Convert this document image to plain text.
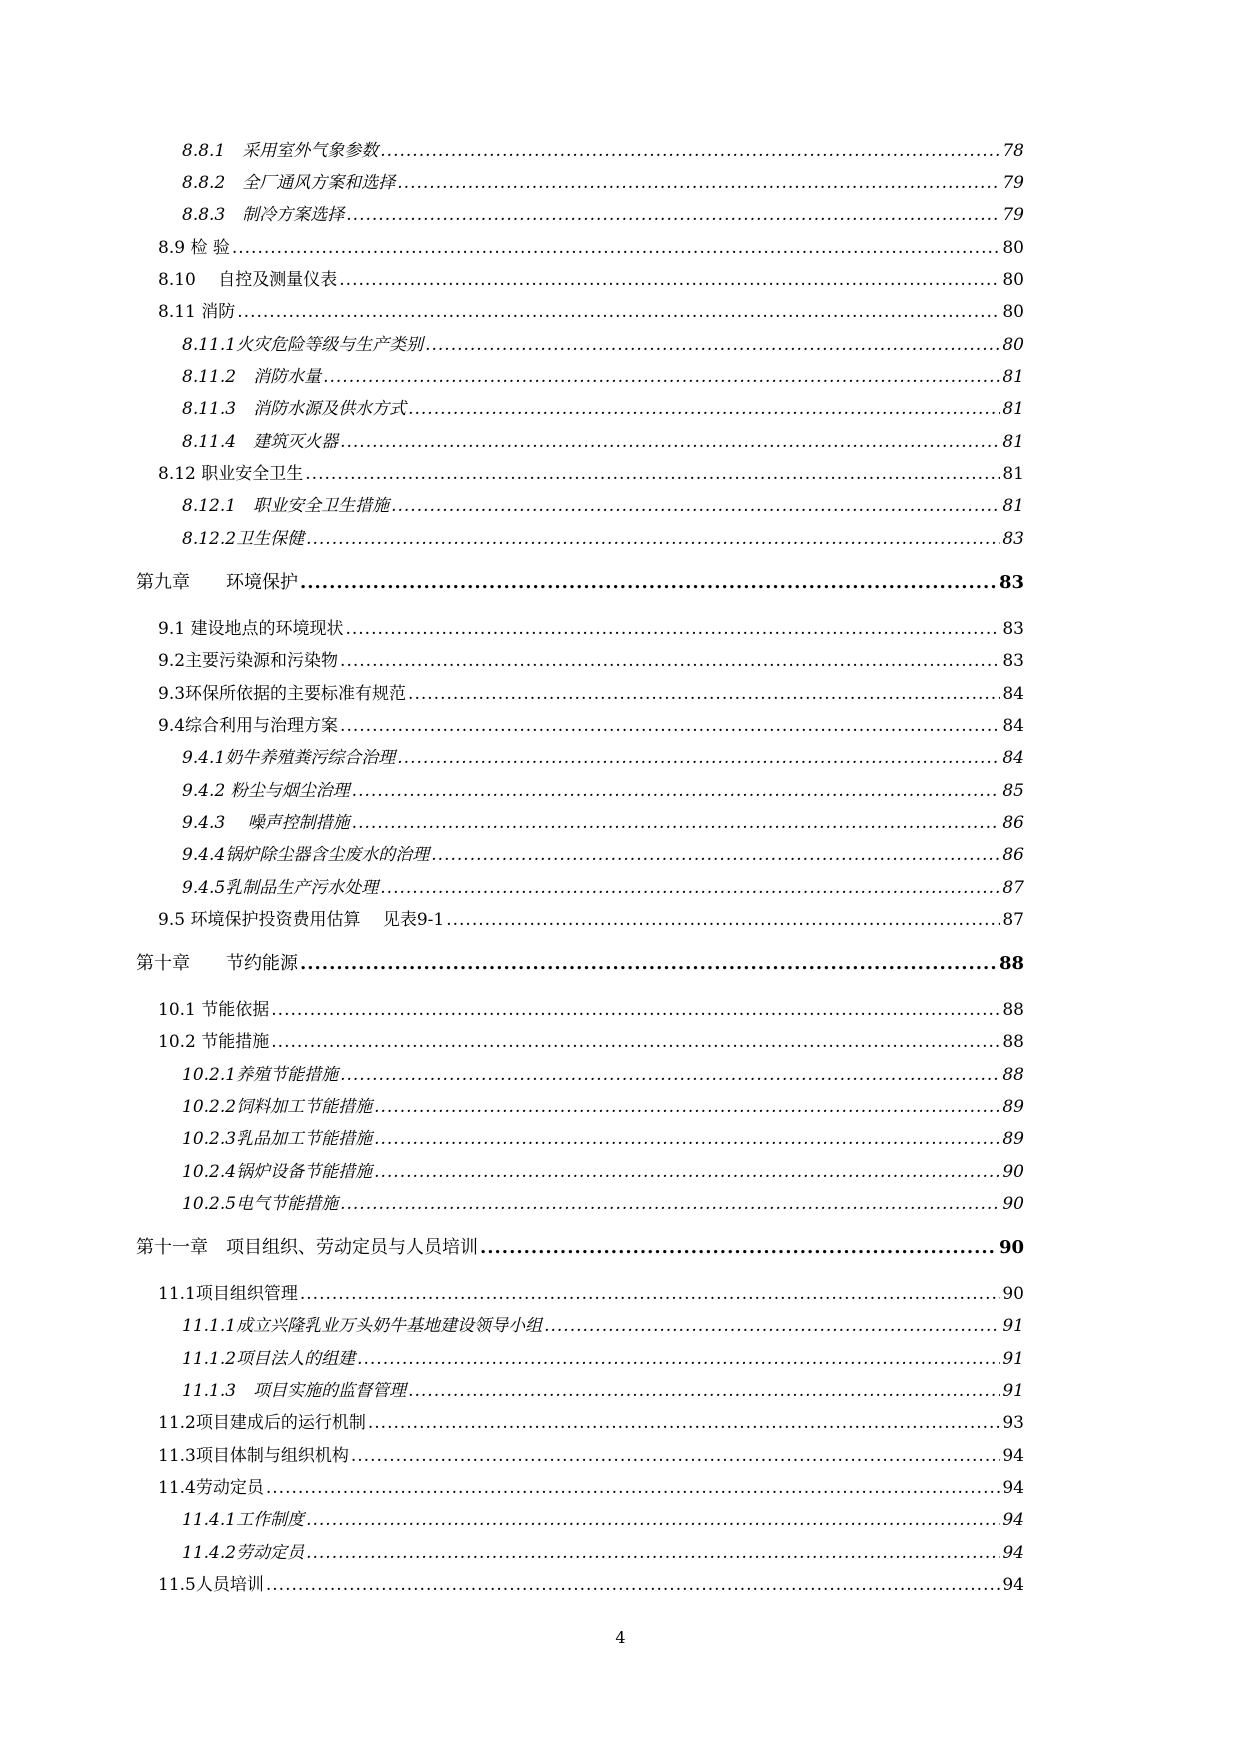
8.8.1　采用室外气象参数 .....	78
8.8.2　全厂通风方案和选择 .....	79
8.8.3　制冷方案选择 .....	79
8.9 检 验 .....	80
8.10　 自控及测量仪表 .....	80
8.11 消防 .....	80
8.11.1火灾危险等级与生产类别 .....	80
8.11.2　消防水量 .....	81
8.11.3　消防水源及供水方式 .....	81
8.11.4　建筑灭火器 .....	81
8.12 职业安全卫生 .....	81
8.12.1　职业安全卫生措施 .....	81
8.12.2卫生保健 .....	83
第九章　　环境保护 .....	83
9.1 建设地点的环境现状 .....	83
9.2主要污染源和污染物 .....	83
9.3环保所依据的主要标准有规范 .....	84
9.4综合利用与治理方案 .....	84
9.4.1奶牛养殖粪污综合治理 .....	84
9.4.2 粉尘与烟尘治理 .....	85
9.4.3　 噪声控制措施 .....	86
9.4.4锅炉除尘器含尘废水的治理 .....	86
9.4.5乳制品生产污水处理 .....	87
9.5 环境保护投资费用估算　 见表9-1 .....	87
第十章　　节约能源 .....	88
10.1 节能依据 .....	88
10.2 节能措施 .....	88
10.2.1养殖节能措施 .....	88
10.2.2饲料加工节能措施 .....	89
10.2.3乳品加工节能措施 .....	89
10.2.4锅炉设备节能措施 .....	90
10.2.5电气节能措施 .....	90
第十一章　项目组织、劳动定员与人员培训 .....	90
11.1项目组织管理 .....	90
11.1.1成立兴隆乳业万头奶牛基地建设领导小组 .....	91
11.1.2项目法人的组建 .....	91
11.1.3　项目实施的监督管理 .....	91
11.2项目建成后的运行机制 .....	93
11.3项目体制与组织机构 .....	94
11.4劳动定员 .....	94
11.4.1工作制度 .....	94
11.4.2劳动定员 .....	94
11.5人员培训 .....	94
4
